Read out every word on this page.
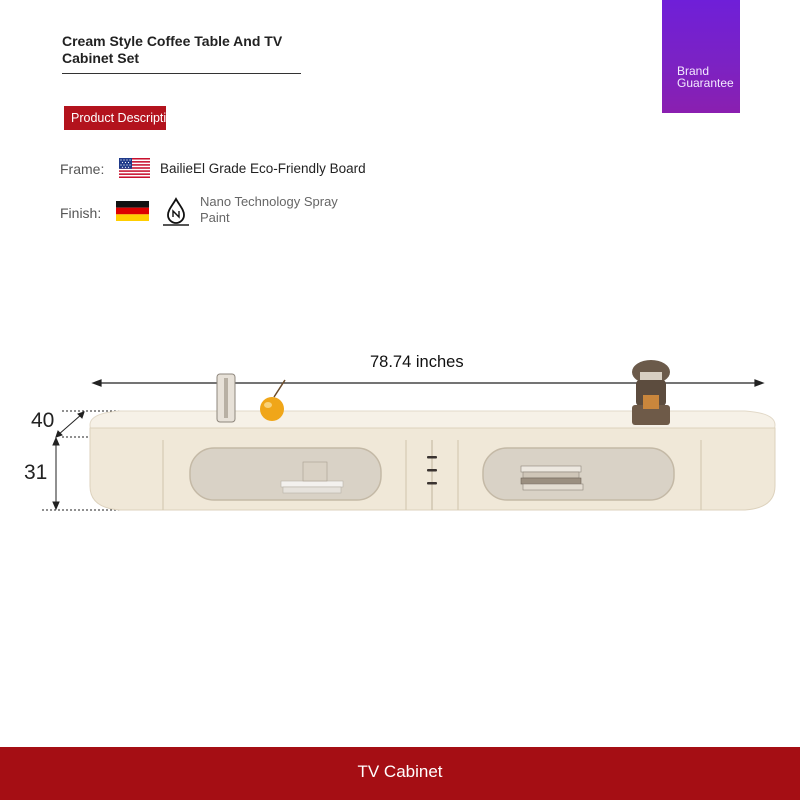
Cream Style Coffee Table And TV Cabinet Set
Brand
Guarantee
Product Description
Frame:	BailieEl Grade Eco-Friendly Board
Finish:
Nano Technology Spray Paint
78.74 inches
40
31
TV Cabinet
